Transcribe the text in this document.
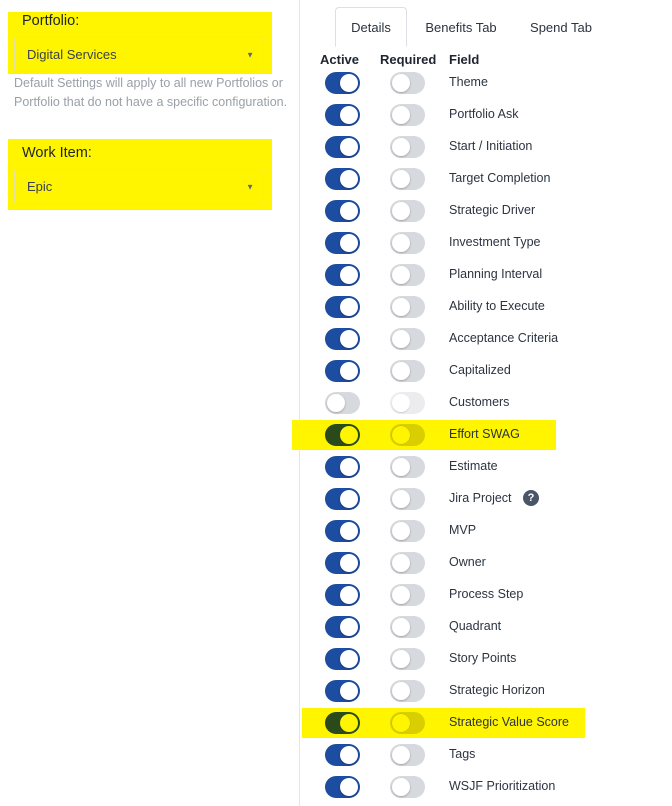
Portfolio:
Digital Services	▼
Default Settings will apply to all new Portfolios or Portfolio that do not have a specific configuration.
Work Item:
Epic	▼
Details	Benefits Tab	Spend Tab
Active Required Field
Theme
Portfolio Ask
Start / Initiation
Target Completion
Strategic Driver
Investment Type
Planning Interval
Ability to Execute
Acceptance Criteria
Capitalized
Customers
Effort SWAG
Estimate
Jira Project	?
MVP
Owner
Process Step
Quadrant
Story Points
Strategic Horizon
Strategic Value Score
Tags
WSJF Prioritization
